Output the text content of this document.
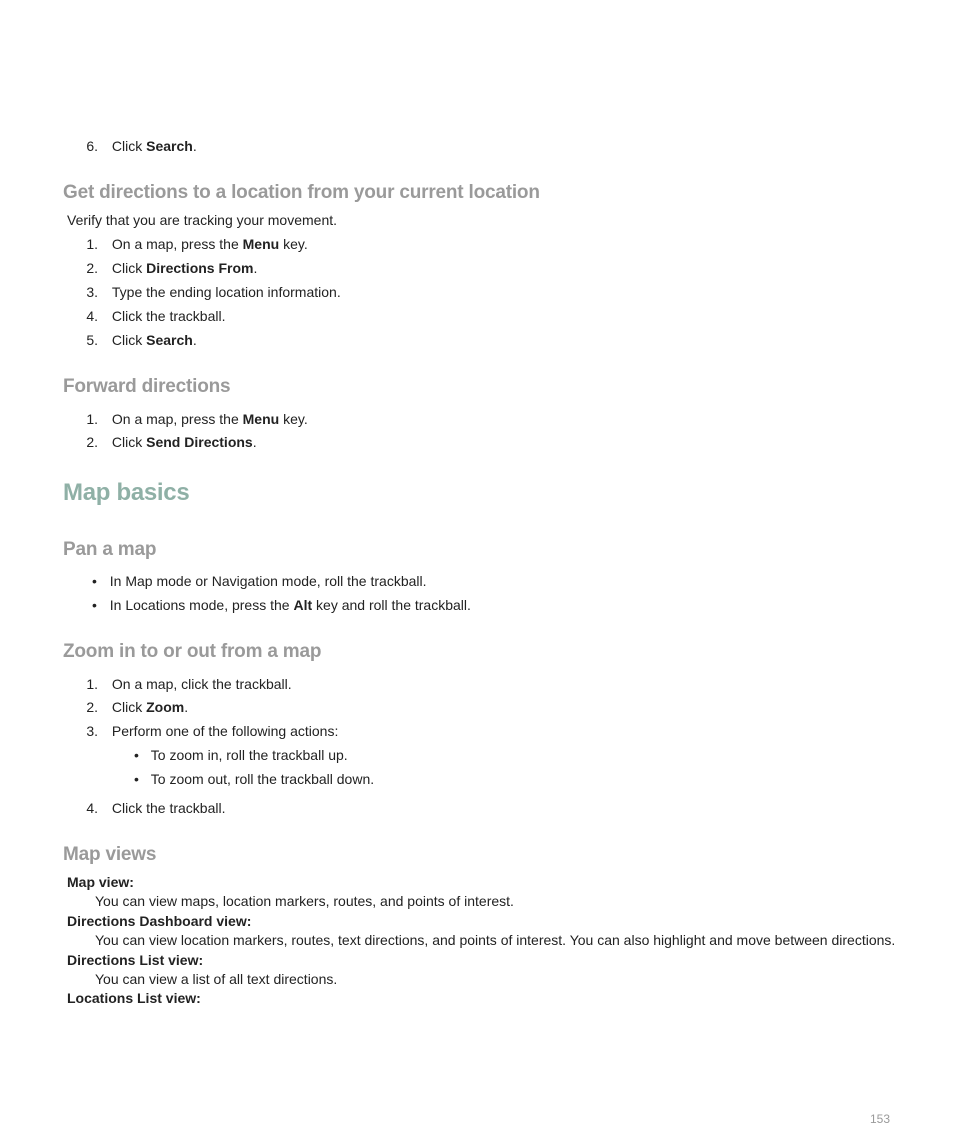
6. Click Search.
Get directions to a location from your current location
Verify that you are tracking your movement.
1. On a map, press the Menu key.
2. Click Directions From.
3. Type the ending location information.
4. Click the trackball.
5. Click Search.
Forward directions
1. On a map, press the Menu key.
2. Click Send Directions.
Map basics
Pan a map
• In Map mode or Navigation mode, roll the trackball.
• In Locations mode, press the Alt key and roll the trackball.
Zoom in to or out from a map
1. On a map, click the trackball.
2. Click Zoom.
3. Perform one of the following actions:
• To zoom in, roll the trackball up.
• To zoom out, roll the trackball down.
4. Click the trackball.
Map views
Map view:
You can view maps, location markers, routes, and points of interest.
Directions Dashboard view:
You can view location markers, routes, text directions, and points of interest. You can also highlight and move between directions.
Directions List view:
You can view a list of all text directions.
Locations List view:
153
